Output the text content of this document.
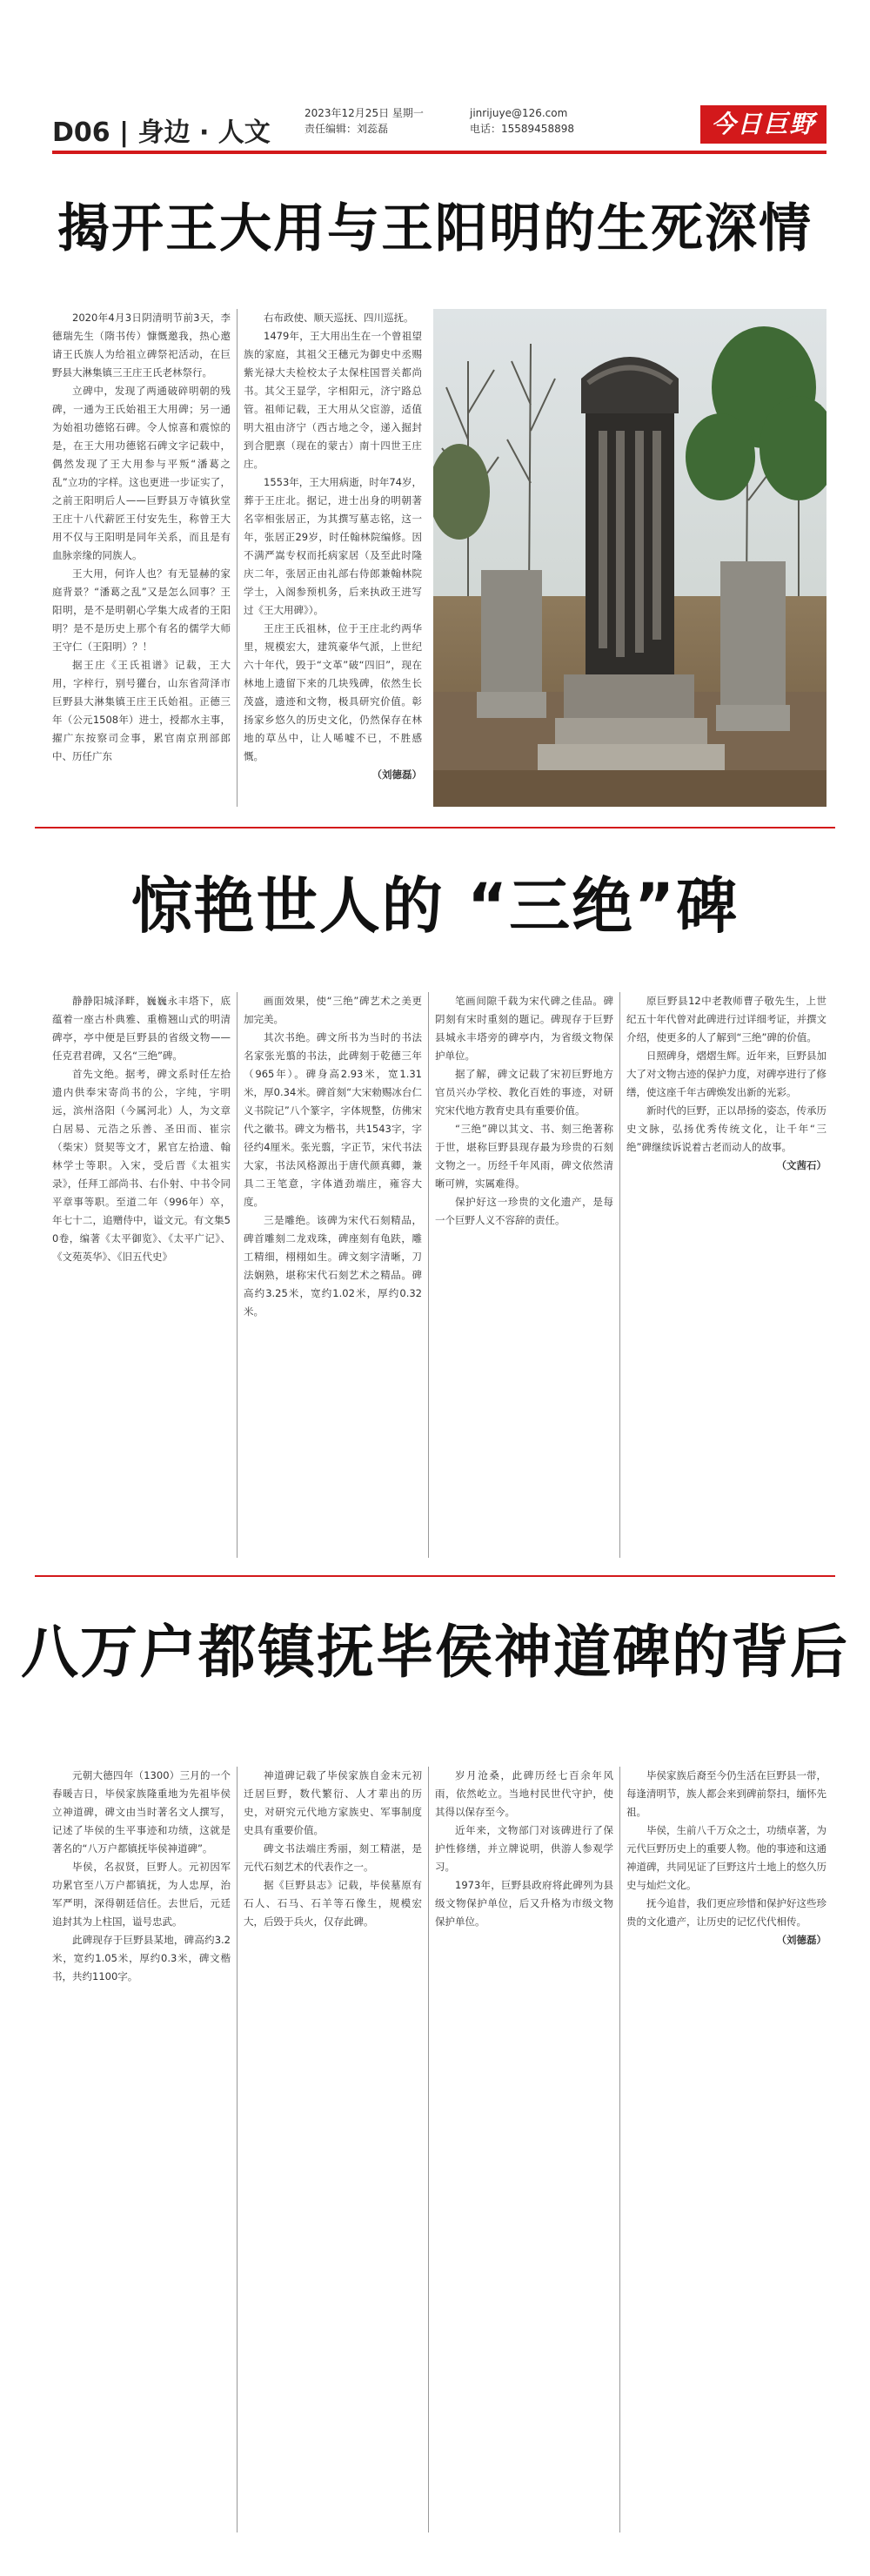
D06 | 身边 · 人文
2023年12月25日 星期一
责任编辑：刘蕊磊
jinrijuye@126.com
电话：15589458898	今日巨野
揭开王大用与王阳明的生死深情

2020年4月3日阴清明节前3天，李德瑞先生（隋书传）慷慨邀我，热心邀请王氏族人为给祖立碑祭祀活动，在巨野县大淋集镇三王庄王氏老林祭行。

立碑中，发现了两通破碎明朝的残碑，一通为王氏始祖王大用碑；另一通为始祖功德铭石碑。令人惊喜和震惊的是，在王大用功德铭石碑文字记载中，偶然发现了王大用参与平叛“潘葛之乱”立功的字样。这也更进一步证实了，之前王阳明后人——巨野县万寺镇狄堂王庄十八代薪匠王付安先生，称曾王大用不仅与王阳明是同年关系，而且是有血脉亲缘的同族人。

王大用，何许人也？有无显赫的家庭背景？“潘葛之乱”又是怎么回事？王阳明，是不是明朝心学集大成者的王阳明？是不是历史上那个有名的儒学大师王守仁（王阳明）？！

据王庄《王氏祖谱》记载，王大用，字梓行，别号獾台，山东省菏泽市巨野县大淋集镇王庄王氏始祖。正德三年（公元1508年）进士，授都水主事，擢广东按察司佥事，累官南京刑部郎中、历任广东

右布政使、顺天巡抚、四川巡抚。

1479年，王大用出生在一个曾祖望族的家庭，其祖父王穗元为御史中丞赐紫光禄大夫检校太子太保柱国晋关都尚书。其父王显学，字相阳元，济宁路总管。祖师记载，王大用从父宦游，适值明大祖由济宁（西古地之令，递入掘封到合肥禀（现在的蒙古）南十四世王庄庄。

1553年，王大用病逝，时年74岁，葬于王庄北。据记，进士出身的明朝著名宰相张居正，为其撰写墓志铭，这一年，张居正29岁，时任翰林院编修。因不满严嵩专权而托病家居（及至此时隆庆二年，张居正由礼部右侍郎兼翰林院学士，入阁参预机务，后来执政王进写过《王大用碑》）。

王庄王氏祖林，位于王庄北约两华里，规模宏大，建筑豪华气派，上世纪六十年代，毁于“文革”破“四旧”，现在林地上遗留下来的几块残碑，依然生长茂盛，遗迹和文物，极具研究价值。彰扬家乡悠久的历史文化，仍然保存在林地的草丛中，让人唏嘘不已，不胜感慨。

（刘德磊）

惊艳世人的 “三绝”碑

静静阳城泽畔，巍巍永丰塔下，底蕴着一座古朴典雅、重檐翘山式的明清碑亭，亭中便是巨野县的省级文物——任克君君碑，又名“三绝”碑。

首先文绝。据考，碑文系时任左拾遗内供奉宋寄尚书的公，字纯，宇明远，滨州洛阳（今属河北）人，为文章白居易、元浩之乐善、圣田而、崔宗（柴宋）贤契等文才，累官左拾遗、翰林学士等职。入宋，受后晋《太祖实录》，任拜工部尚书、右仆射、中书令同平章事等职。至道二年（996年）卒，年七十二，追赠侍中，谥文元。有文集50卷，编著《太平御览》、《太平广记》、《文苑英华》、《旧五代史》

画面效果，使“三绝”碑艺术之美更加完美。

其次书绝。碑文所书为当时的书法名家张光翦的书法，此碑刻于乾德三年（965年）。碑身高2.93米，宽1.31米，厚0.34米。碑首刻“大宋勑赐冰台仁义书院记”八个篆字，字体规整，仿佛宋代之徽书。碑文为楷书，共1543字，字径约4厘米。张光翦，字正节，宋代书法大家，书法风格源出于唐代颜真卿，兼具二王笔意，字体遒劲端庄，雍容大度。

三是雕绝。该碑为宋代石刻精品，碑首雕刻二龙戏珠，碑座刻有龟趺，雕工精细，栩栩如生。碑文刻字清晰，刀法娴熟，堪称宋代石刻艺术之精品。碑高约3.25米，宽约1.02米，厚约0.32米。

笔画间隙千载为宋代碑之佳品。碑阴刻有宋时重刻的题记。碑现存于巨野县城永丰塔旁的碑亭内，为省级文物保护单位。

据了解，碑文记载了宋初巨野地方官员兴办学校、教化百姓的事迹，对研究宋代地方教育史具有重要价值。

“三绝”碑以其文、书、刻三绝著称于世，堪称巨野县现存最为珍贵的石刻文物之一。历经千年风雨，碑文依然清晰可辨，实属难得。

保护好这一珍贵的文化遗产，是每一个巨野人义不容辞的责任。

原巨野县12中老教师曹子敬先生，上世纪五十年代曾对此碑进行过详细考证，并撰文介绍，使更多的人了解到“三绝”碑的价值。

日照碑身，熠熠生辉。近年来，巨野县加大了对文物古迹的保护力度，对碑亭进行了修缮，使这座千年古碑焕发出新的光彩。

新时代的巨野，正以昂扬的姿态，传承历史文脉，弘扬优秀传统文化，让千年“三绝”碑继续诉说着古老而动人的故事。

（文茜石）

八万户都镇抚毕侯神道碑的背后

元朝大德四年（1300）三月的一个春暖吉日，毕侯家族隆重地为先祖毕侯立神道碑，碑文由当时著名文人撰写，记述了毕侯的生平事迹和功绩，这就是著名的“八万户都镇抚毕侯神道碑”。

毕侯，名叔贤，巨野人。元初因军功累官至八万户都镇抚，为人忠厚，治军严明，深得朝廷信任。去世后，元廷追封其为上柱国，谥号忠武。

此碑现存于巨野县某地，碑高约3.2米，宽约1.05米，厚约0.3米，碑文楷书，共约1100字。

神道碑记载了毕侯家族自金末元初迁居巨野，数代繁衍、人才辈出的历史，对研究元代地方家族史、军事制度史具有重要价值。

碑文书法端庄秀丽，刻工精湛，是元代石刻艺术的代表作之一。

据《巨野县志》记载，毕侯墓原有石人、石马、石羊等石像生，规模宏大，后毁于兵火，仅存此碑。

岁月沧桑，此碑历经七百余年风雨，依然屹立。当地村民世代守护，使其得以保存至今。

近年来，文物部门对该碑进行了保护性修缮，并立牌说明，供游人参观学习。

1973年，巨野县政府将此碑列为县级文物保护单位，后又升格为市级文物保护单位。

毕侯家族后裔至今仍生活在巨野县一带，每逢清明节，族人都会来到碑前祭扫，缅怀先祖。

毕侯，生前八千万众之士，功绩卓著，为元代巨野历史上的重要人物。他的事迹和这通神道碑，共同见证了巨野这片土地上的悠久历史与灿烂文化。

抚今追昔，我们更应珍惜和保护好这些珍贵的文化遗产，让历史的记忆代代相传。

（刘德磊）
